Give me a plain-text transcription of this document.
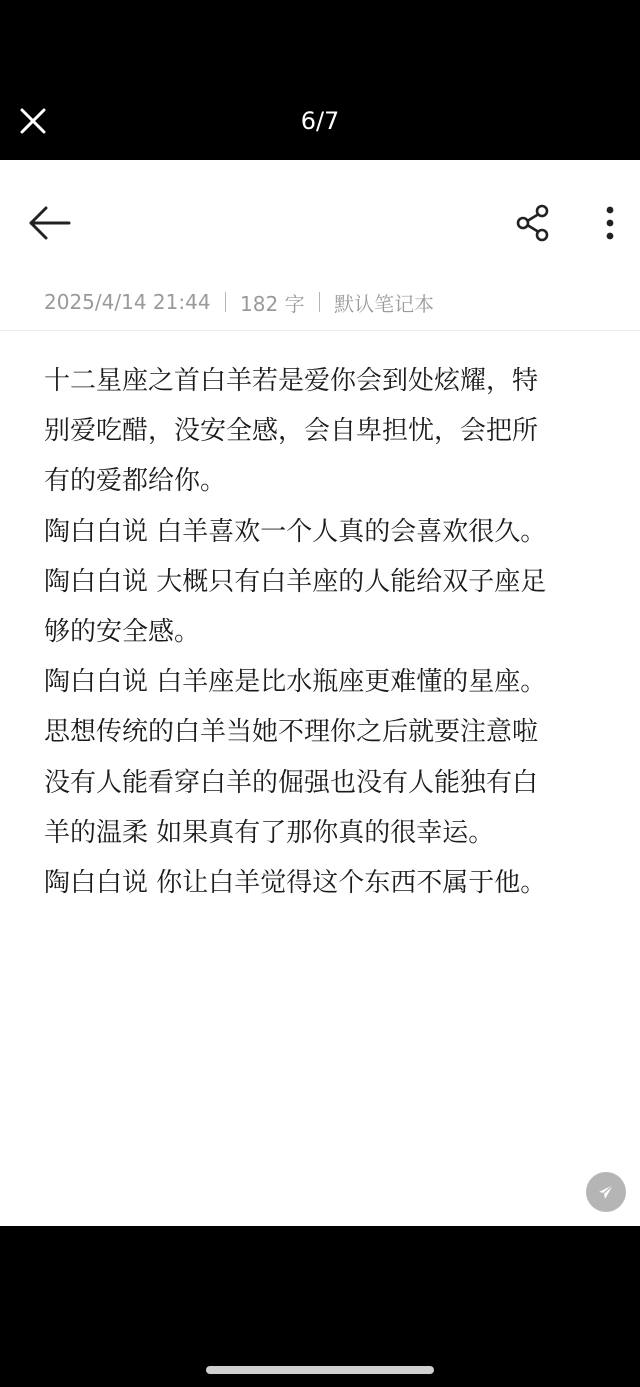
6/7
2025/4/14 21:44 182 字 默认笔记本
十二星座之首白羊若是爱你会到处炫耀，特
别爱吃醋，没安全感，会自卑担忧，会把所
有的爱都给你。
陶白白说 白羊喜欢一个人真的会喜欢很久。
陶白白说 大概只有白羊座的人能给双子座足
够的安全感。
陶白白说 白羊座是比水瓶座更难懂的星座。
思想传统的白羊当她不理你之后就要注意啦
没有人能看穿白羊的倔强也没有人能独有白
羊的温柔 如果真有了那你真的很幸运。
陶白白说 你让白羊觉得这个东西不属于他。
